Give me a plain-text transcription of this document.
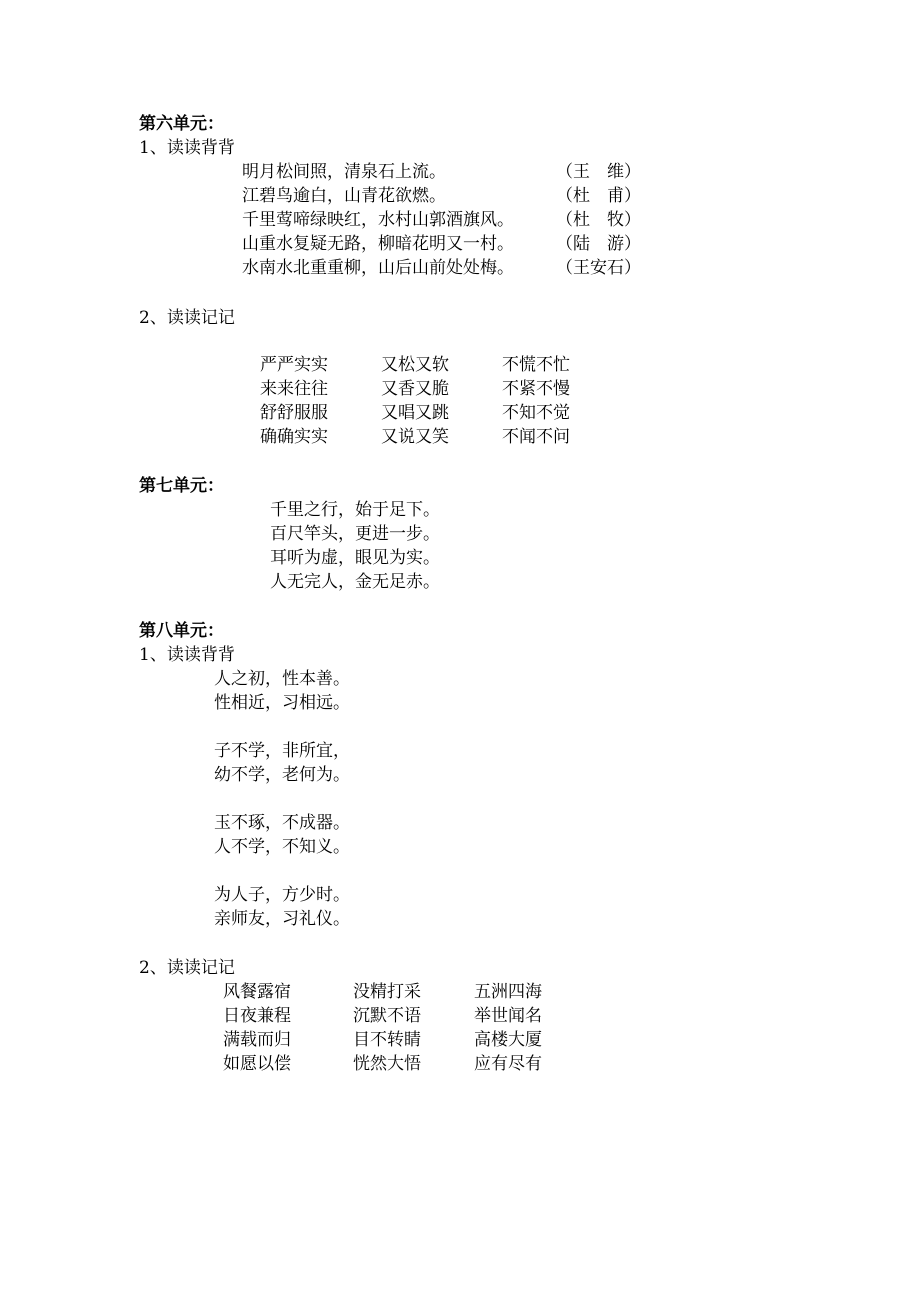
第六单元：
1、读读背背
明月松间照，清泉石上流。	（王　维）
江碧鸟逾白，山青花欲燃。	（杜　甫）
千里莺啼绿映红，水村山郭酒旗风。 （杜　牧）
山重水复疑无路，柳暗花明又一村。 （陆　游）
水南水北重重柳，山后山前处处梅。 （王安石）
2、读读记记
严严实实	又松又软	不慌不忙
来来往往	又香又脆	不紧不慢
舒舒服服	又唱又跳	不知不觉
确确实实	又说又笑	不闻不问
第七单元：
千里之行，始于足下。
百尺竿头，更进一步。
耳听为虚，眼见为实。
人无完人，金无足赤。
第八单元：
1、读读背背
人之初，性本善。
性相近，习相远。
子不学，非所宜，
幼不学，老何为。
玉不琢，不成器。
人不学，不知义。
为人子，方少时。
亲师友，习礼仪。
2、读读记记
风餐露宿	没精打采	五洲四海
日夜兼程	沉默不语	举世闻名
满载而归	目不转睛	高楼大厦
如愿以偿	恍然大悟	应有尽有
